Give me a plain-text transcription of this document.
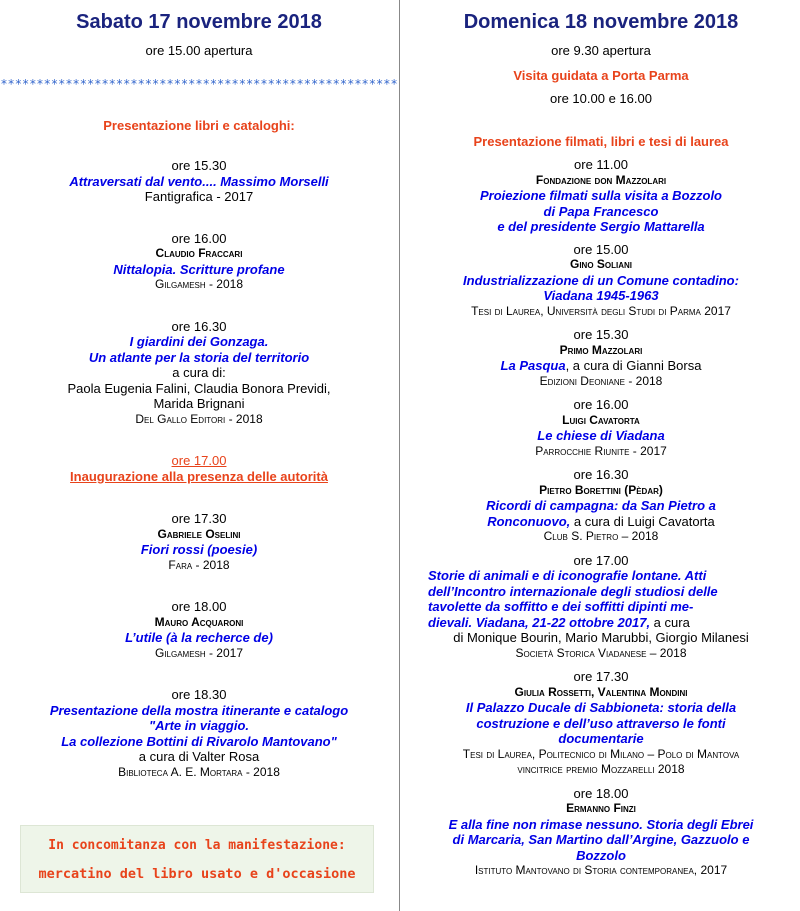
Sabato 17 novembre 2018
ore 15.00 apertura
*******************************************************
Presentazione libri e cataloghi:
ore 15.30
Attraversati dal vento.... Massimo Morselli
Fantigrafica - 2017
ore 16.00
Claudio Fraccari
Nittalopia. Scritture profane
Gilgamesh - 2018
ore 16.30
I giardini dei Gonzaga.
Un atlante per la storia del territorio
a cura di:
Paola Eugenia Falini, Claudia Bonora Previdi,
Marida Brignani
Del Gallo Editori - 2018
ore 17.00
Inaugurazione alla presenza delle autorità
ore 17.30
Gabriele Oselini
Fiori rossi (poesie)
Fara - 2018
ore 18.00
Mauro Acquaroni
L’utile (à la recherce de)
Gilgamesh - 2017
ore 18.30
Presentazione della mostra itinerante e catalogo
"Arte in viaggio.
La collezione Bottini di Rivarolo Mantovano"
a cura di Valter Rosa
Biblioteca A. E. Mortara - 2018
In concomitanza con la manifestazione:
mercatino del libro usato e d'occasione
Domenica 18 novembre 2018
ore 9.30 apertura
Visita guidata a Porta Parma
ore 10.00 e 16.00
Presentazione filmati, libri e tesi di laurea
ore 11.00
Fondazione don Mazzolari
Proiezione filmati sulla visita a Bozzolo
di Papa Francesco
e del presidente Sergio Mattarella
ore 15.00
Gino Soliani
Industrializzazione di un Comune contadino:
Viadana 1945-1963
Tesi di Laurea, Università degli Studi di Parma 2017
ore 15.30
Primo Mazzolari
La Pasqua, a cura di Gianni Borsa
Edizioni Deoniane - 2018
ore 16.00
Luigi Cavatorta
Le chiese di Viadana
Parrocchie Riunite - 2017
ore 16.30
Pietro Borettini (Pèdar)
Ricordi di campagna: da San Pietro a
Ronconuovo, a cura di Luigi Cavatorta
Club S. Pietro – 2018
ore 17.00
Storie di animali e di iconografie lontane. Atti
dell’Incontro internazionale degli studiosi delle
tavolette da soffitto e dei soffitti dipinti me-
dievali. Viadana, 21-22 ottobre 2017, a cura
di Monique Bourin, Mario Marubbi, Giorgio Milanesi
Società Storica Viadanese – 2018
ore 17.30
Giulia Rossetti, Valentina Mondini
Il Palazzo Ducale di Sabbioneta: storia della
costruzione e dell’uso attraverso le fonti
documentarie
Tesi di Laurea, Politecnico di Milano – Polo di Mantova
vincitrice premio Mozzarelli 2018
ore 18.00
Ermanno Finzi
E alla fine non rimase nessuno. Storia degli Ebrei
di Marcaria, San Martino dall’Argine, Gazzuolo e
Bozzolo
Istituto Mantovano di Storia contemporanea, 2017
